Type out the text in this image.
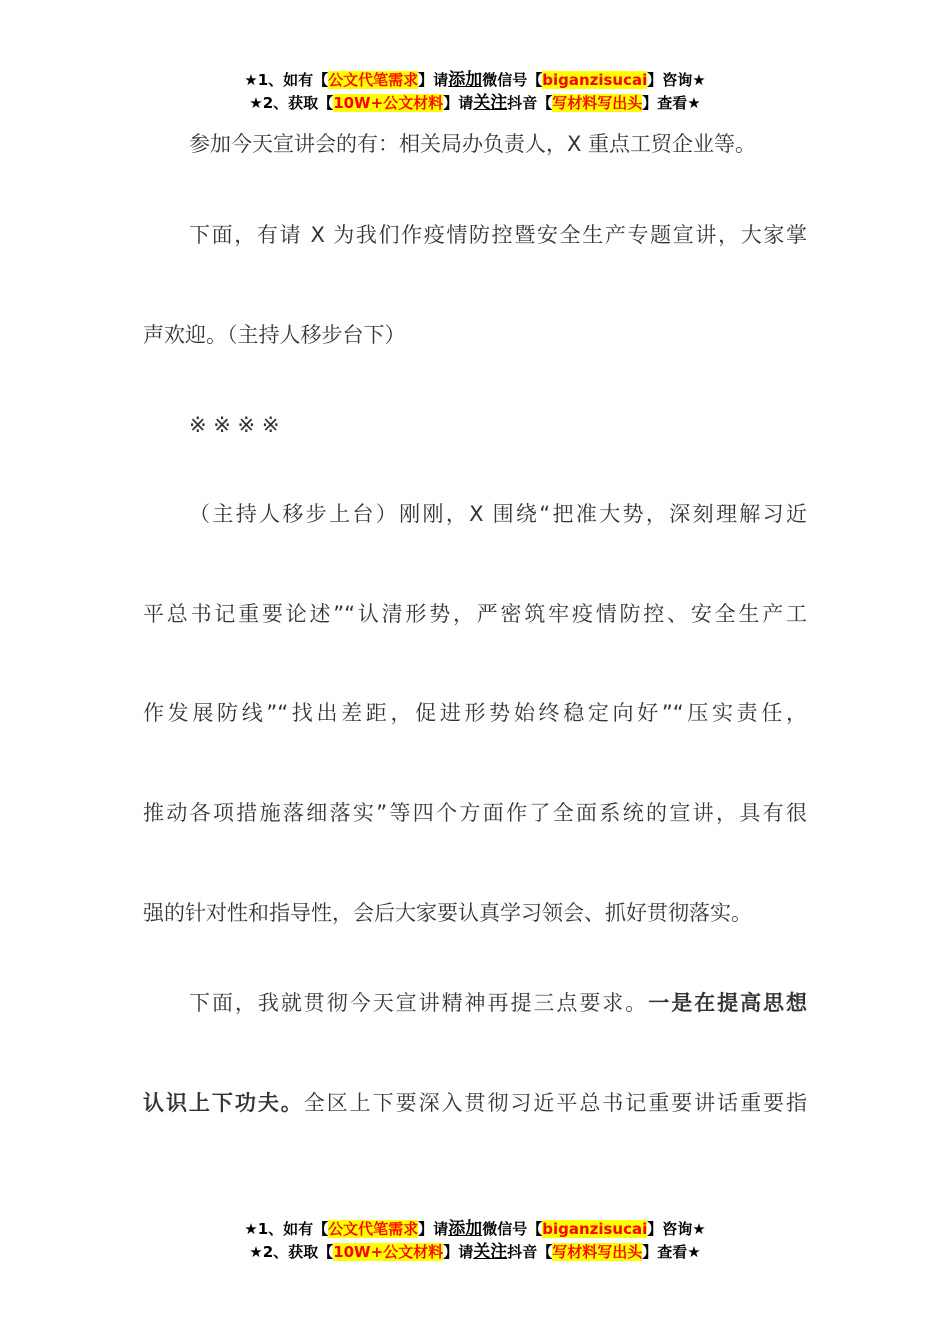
★1、如有【公文代笔需求】请添加微信号【biganzisucai】咨询★
★2、获取【10W+公文材料】请关注抖音【写材料写出头】查看★
参加今天宣讲会的有：相关局办负责人，X 重点工贸企业等。
下面，有请 X 为我们作疫情防控暨安全生产专题宣讲，大家掌
声欢迎。（主持人移步台下）
※ ※ ※ ※
（主持人移步上台）刚刚，X 围绕“把准大势，深刻理解习近
平总书记重要论述”“认清形势，严密筑牢疫情防控、安全生产工
作发展防线”“找出差距，促进形势始终稳定向好”“压实责任，
推动各项措施落细落实”等四个方面作了全面系统的宣讲，具有很
强的针对性和指导性，会后大家要认真学习领会、抓好贯彻落实。
下面，我就贯彻今天宣讲精神再提三点要求。一是在提高思想
认识上下功夫。全区上下要深入贯彻习近平总书记重要讲话重要指
★1、如有【公文代笔需求】请添加微信号【biganzisucai】咨询★
★2、获取【10W+公文材料】请关注抖音【写材料写出头】查看★
